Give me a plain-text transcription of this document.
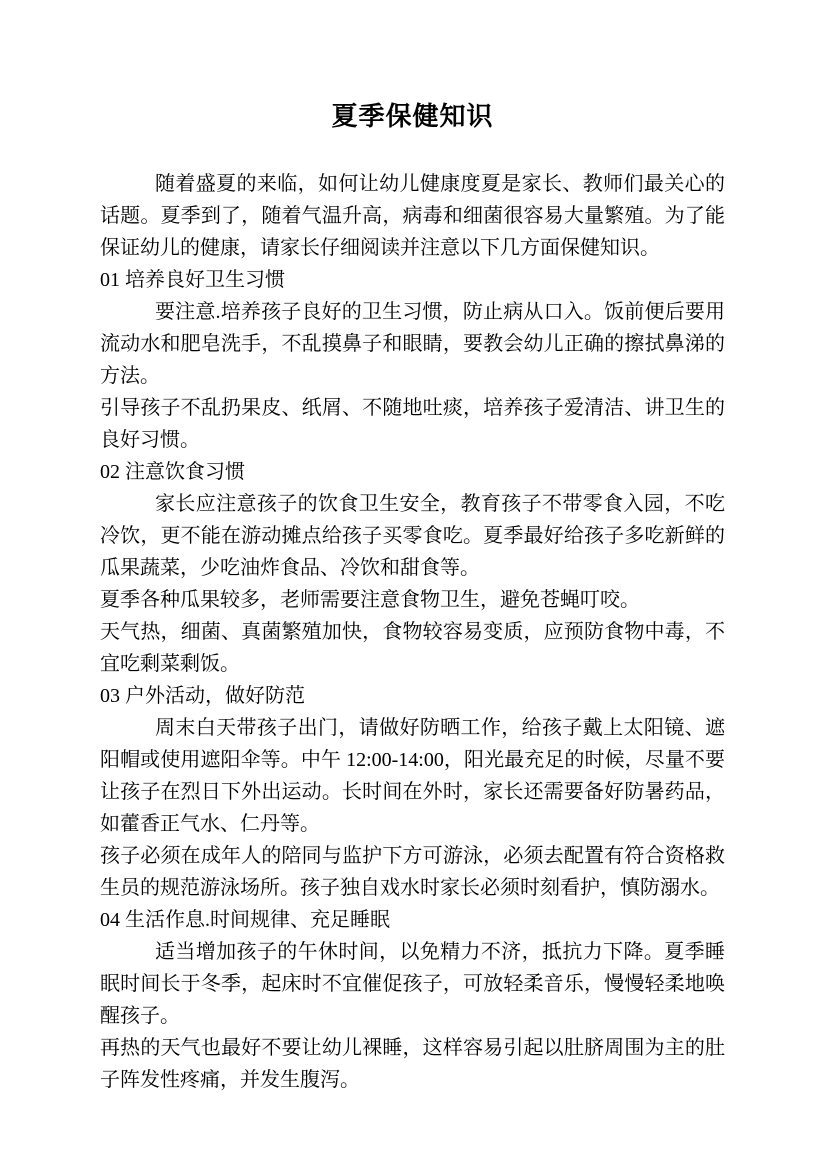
夏季保健知识

随着盛夏的来临，如何让幼儿健康度夏是家长、教师们最关心的话题。夏季到了，随着气温升高，病毒和细菌很容易大量繁殖。为了能保证幼儿的健康，请家长仔细阅读并注意以下几方面保健知识。

01 培养良好卫生习惯

要注意.培养孩子良好的卫生习惯，防止病从口入。饭前便后要用流动水和肥皂洗手，不乱摸鼻子和眼睛，要教会幼儿正确的擦拭鼻涕的方法。

引导孩子不乱扔果皮、纸屑、不随地吐痰，培养孩子爱清洁、讲卫生的良好习惯。

02 注意饮食习惯

家长应注意孩子的饮食卫生安全，教育孩子不带零食入园，不吃冷饮，更不能在游动摊点给孩子买零食吃。夏季最好给孩子多吃新鲜的瓜果蔬菜，少吃油炸食品、冷饮和甜食等。

夏季各种瓜果较多，老师需要注意食物卫生，避免苍蝇叮咬。

天气热，细菌、真菌繁殖加快，食物较容易变质，应预防食物中毒，不宜吃剩菜剩饭。

03 户外活动，做好防范

周末白天带孩子出门，请做好防晒工作，给孩子戴上太阳镜、遮阳帽或使用遮阳伞等。中午 12:00-14:00，阳光最充足的时候，尽量不要让孩子在烈日下外出运动。长时间在外时，家长还需要备好防暑药品，如藿香正气水、仁丹等。

孩子必须在成年人的陪同与监护下方可游泳，必须去配置有符合资格救生员的规范游泳场所。孩子独自戏水时家长必须时刻看护，慎防溺水。

04 生活作息.时间规律、充足睡眠

适当增加孩子的午休时间，以免精力不济，抵抗力下降。夏季睡眠时间长于冬季，起床时不宜催促孩子，可放轻柔音乐，慢慢轻柔地唤醒孩子。

再热的天气也最好不要让幼儿裸睡，这样容易引起以肚脐周围为主的肚子阵发性疼痛，并发生腹泻。
